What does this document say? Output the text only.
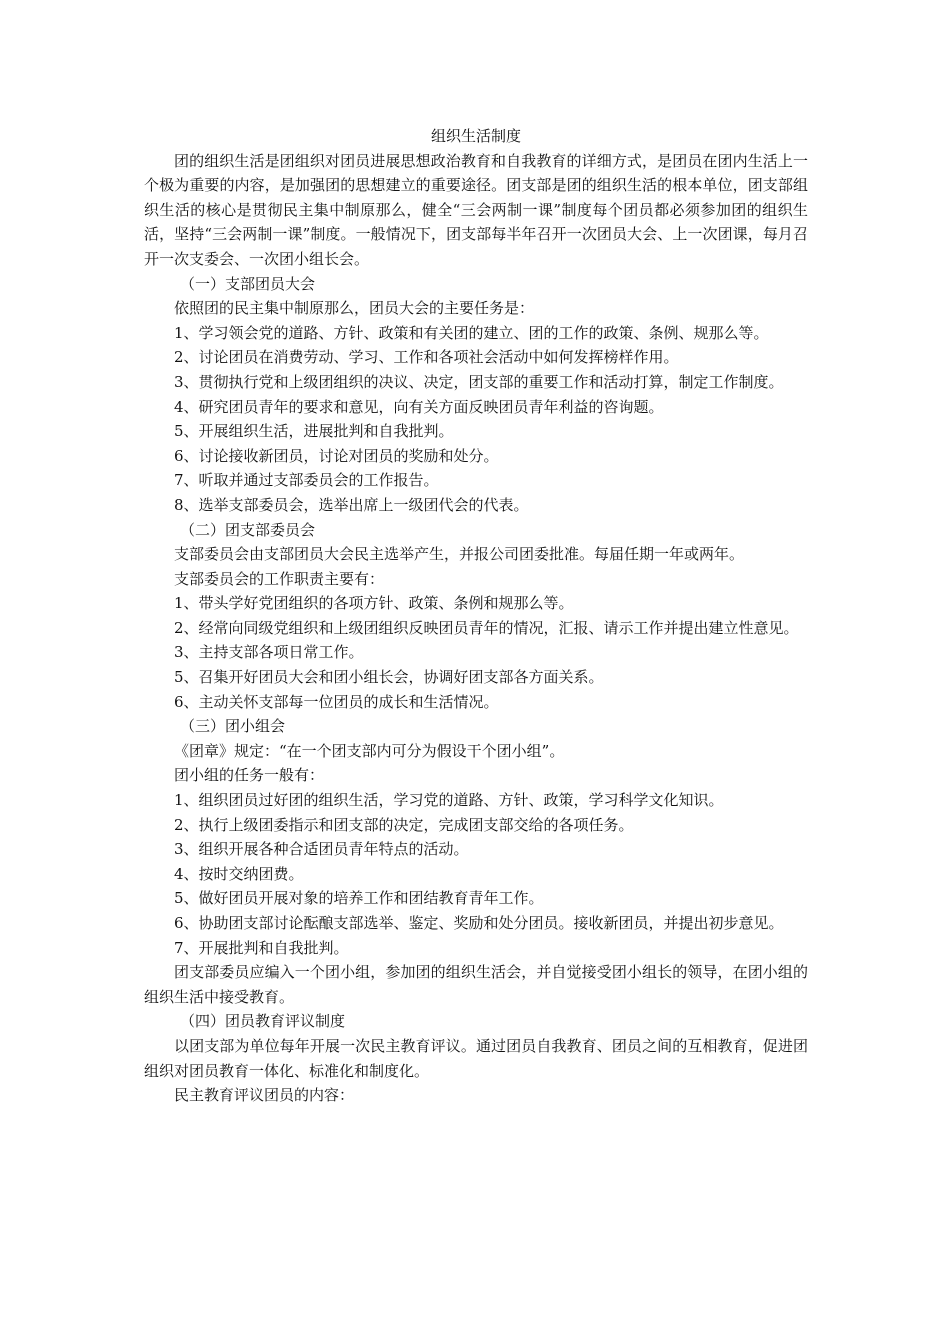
组织生活制度

团的组织生活是团组织对团员进展思想政治教育和自我教育的详细方式，是团员在团内生活上一个极为重要的内容，是加强团的思想建立的重要途径。团支部是团的组织生活的根本单位，团支部组织生活的核心是贯彻民主集中制原那么，健全“三会两制一课”制度每个团员都必须参加团的组织生活，坚持“三会两制一课”制度。一般情况下，团支部每半年召开一次团员大会、上一次团课，每月召开一次支委会、一次团小组长会。

（一）支部团员大会

依照团的民主集中制原那么，团员大会的主要任务是：

1、学习领会党的道路、方针、政策和有关团的建立、团的工作的政策、条例、规那么等。

2、讨论团员在消费劳动、学习、工作和各项社会活动中如何发挥榜样作用。

3、贯彻执行党和上级团组织的决议、决定，团支部的重要工作和活动打算，制定工作制度。

4、研究团员青年的要求和意见，向有关方面反映团员青年利益的咨询题。

5、开展组织生活，进展批判和自我批判。

6、讨论接收新团员，讨论对团员的奖励和处分。

7、听取并通过支部委员会的工作报告。

8、选举支部委员会，选举出席上一级团代会的代表。

（二）团支部委员会

支部委员会由支部团员大会民主选举产生，并报公司团委批准。每届任期一年或两年。

支部委员会的工作职责主要有：

1、带头学好党团组织的各项方针、政策、条例和规那么等。

2、经常向同级党组织和上级团组织反映团员青年的情况，汇报、请示工作并提出建立性意见。

3、主持支部各项日常工作。

5、召集开好团员大会和团小组长会，协调好团支部各方面关系。

6、主动关怀支部每一位团员的成长和生活情况。

（三）团小组会

《团章》规定：“在一个团支部内可分为假设干个团小组”。

团小组的任务一般有：

1、组织团员过好团的组织生活，学习党的道路、方针、政策，学习科学文化知识。

2、执行上级团委指示和团支部的决定，完成团支部交给的各项任务。

3、组织开展各种合适团员青年特点的活动。

4、按时交纳团费。

5、做好团员开展对象的培养工作和团结教育青年工作。

6、协助团支部讨论酝酿支部选举、鉴定、奖励和处分团员。接收新团员，并提出初步意见。

7、开展批判和自我批判。

团支部委员应编入一个团小组，参加团的组织生活会，并自觉接受团小组长的领导，在团小组的组织生活中接受教育。

（四）团员教育评议制度

以团支部为单位每年开展一次民主教育评议。通过团员自我教育、团员之间的互相教育，促进团组织对团员教育一体化、标准化和制度化。

民主教育评议团员的内容：
